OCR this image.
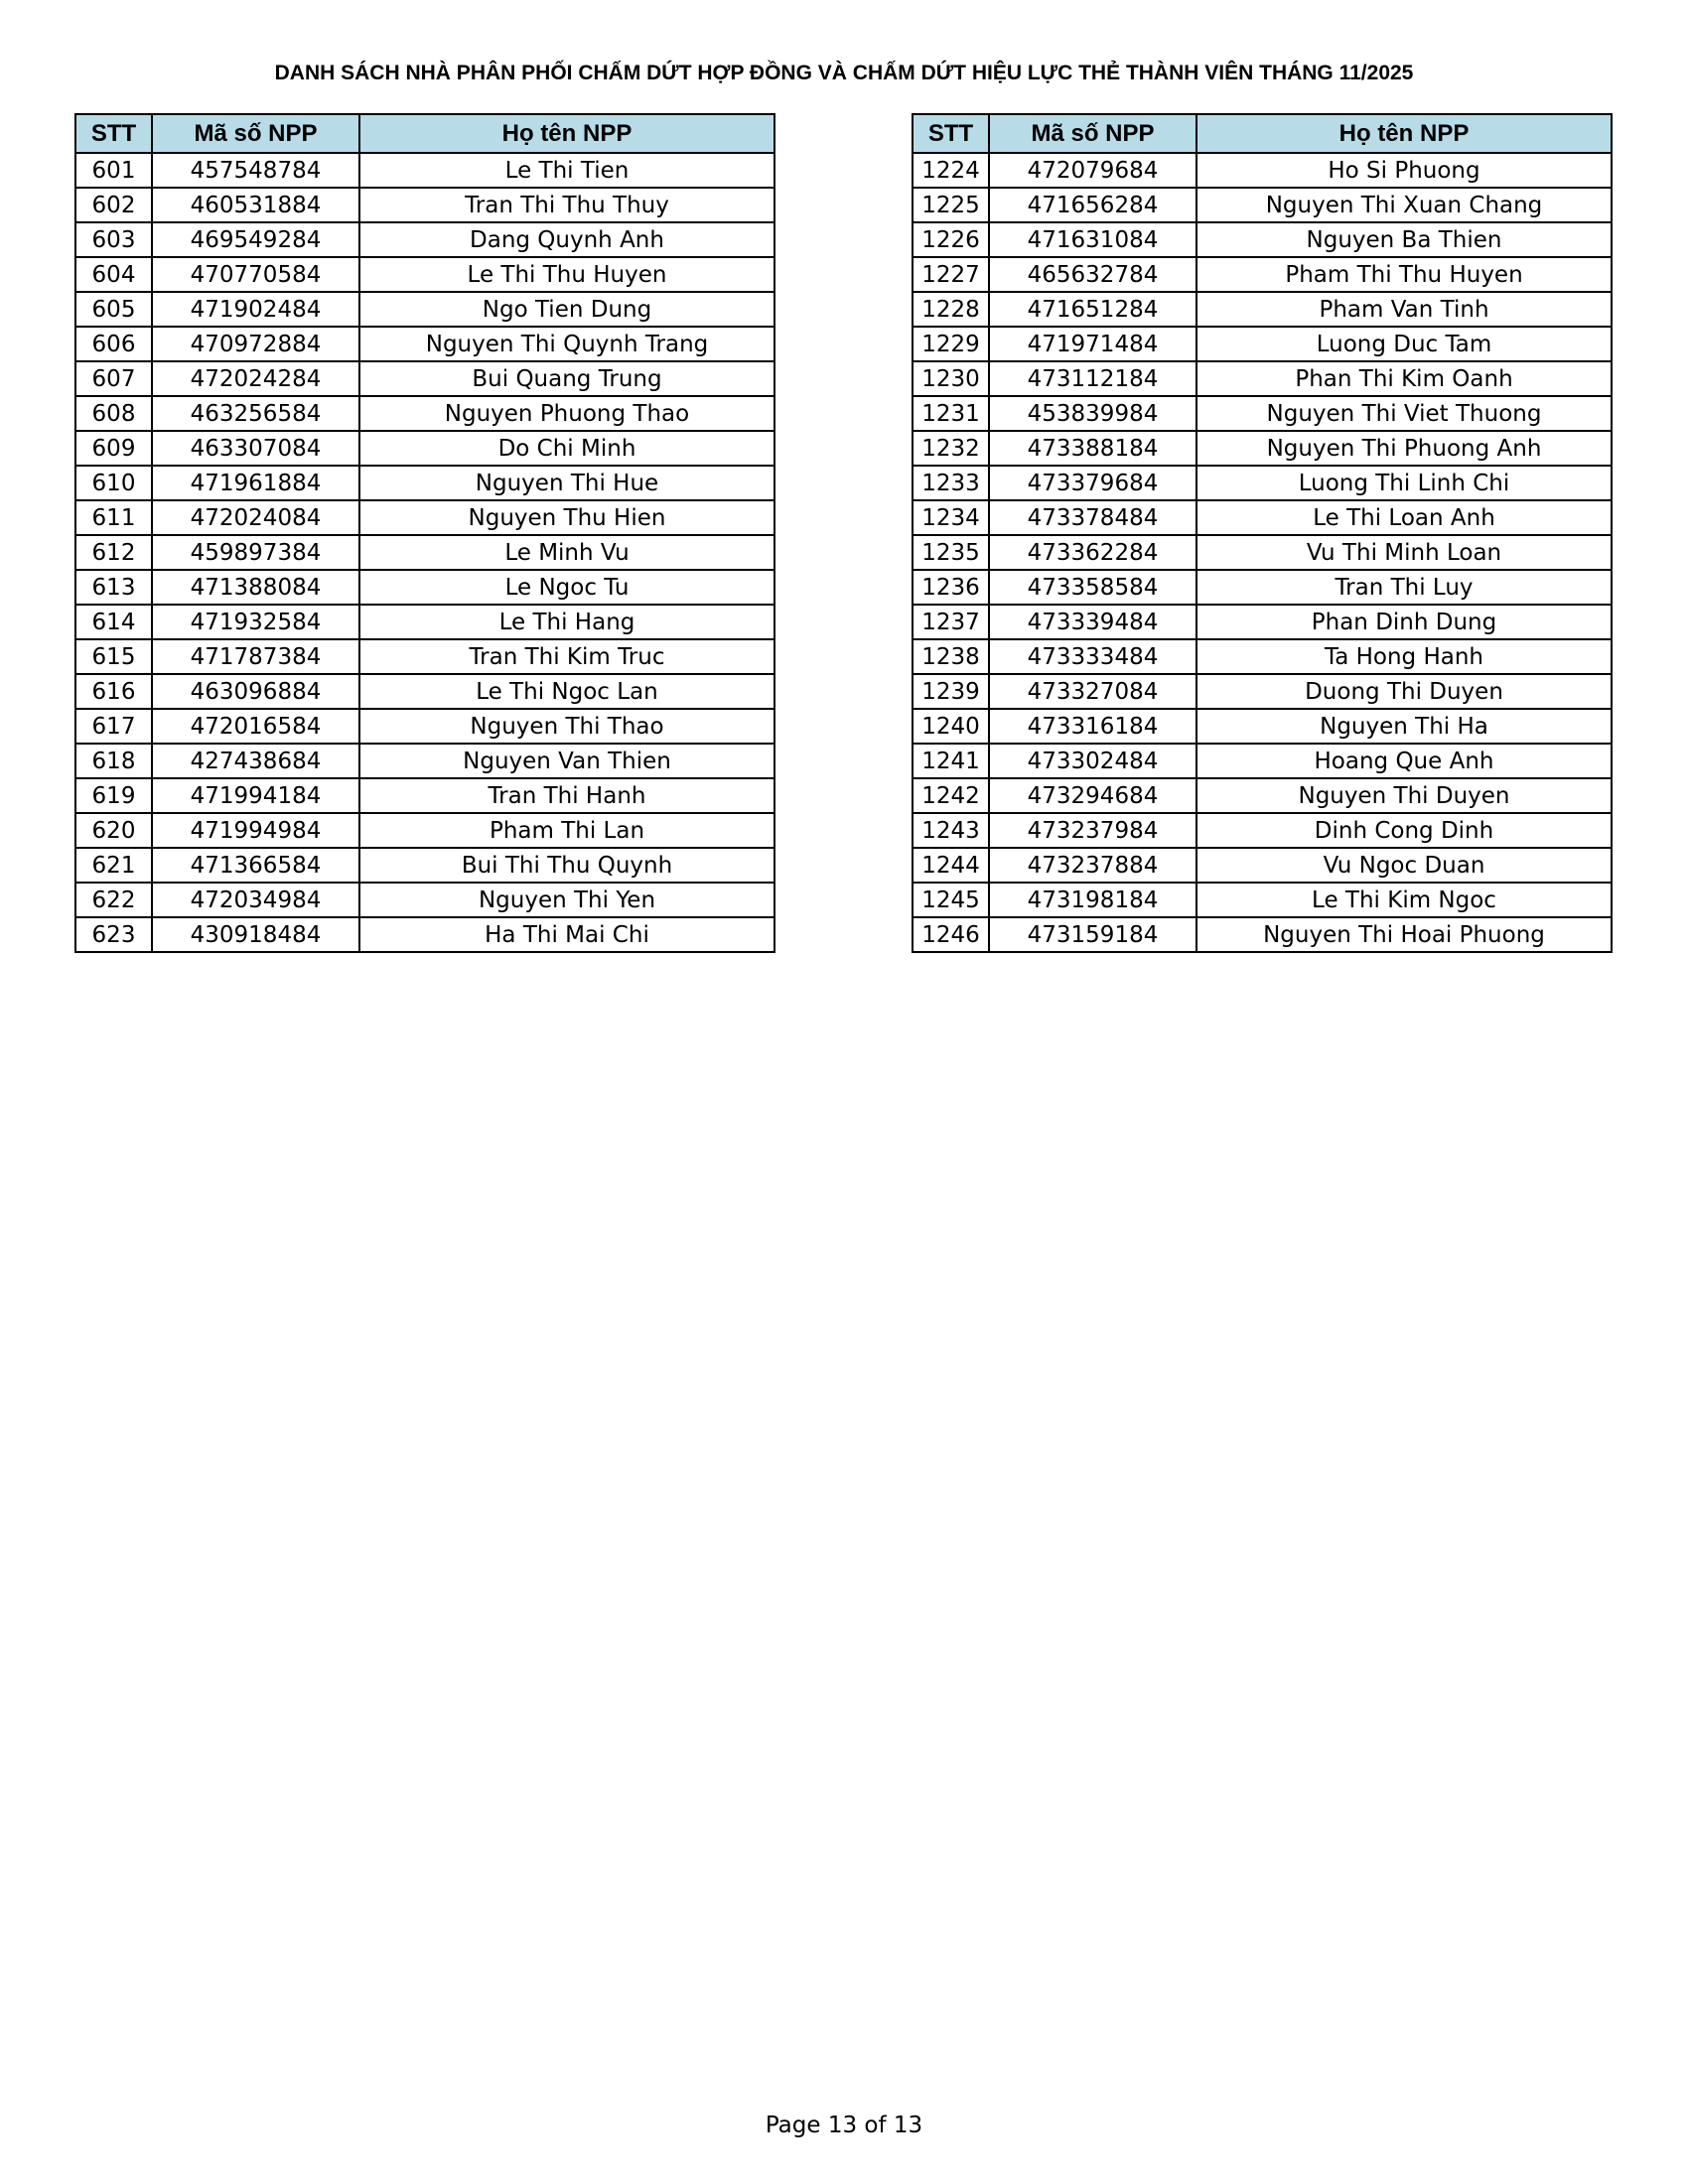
DANH SÁCH NHÀ PHÂN PHỐI CHẤM DỨT HỢP ĐỒNG VÀ CHẤM DỨT HIỆU LỰC THẺ THÀNH VIÊN THÁNG 11/2025
STT	Mã số NPP	Họ tên NPP
601	457548784	Le Thi Tien
602	460531884	Tran Thi Thu Thuy
603	469549284	Dang Quynh Anh
604	470770584	Le Thi Thu Huyen
605	471902484	Ngo Tien Dung
606	470972884	Nguyen Thi Quynh Trang
607	472024284	Bui Quang Trung
608	463256584	Nguyen Phuong Thao
609	463307084	Do Chi Minh
610	471961884	Nguyen Thi Hue
611	472024084	Nguyen Thu Hien
612	459897384	Le Minh Vu
613	471388084	Le Ngoc Tu
614	471932584	Le Thi Hang
615	471787384	Tran Thi Kim Truc
616	463096884	Le Thi Ngoc Lan
617	472016584	Nguyen Thi Thao
618	427438684	Nguyen Van Thien
619	471994184	Tran Thi Hanh
620	471994984	Pham Thi Lan
621	471366584	Bui Thi Thu Quynh
622	472034984	Nguyen Thi Yen
623	430918484	Ha Thi Mai Chi
STT	Mã số NPP	Họ tên NPP
1224	472079684	Ho Si Phuong
1225	471656284	Nguyen Thi Xuan Chang
1226	471631084	Nguyen Ba Thien
1227	465632784	Pham Thi Thu Huyen
1228	471651284	Pham Van Tinh
1229	471971484	Luong Duc Tam
1230	473112184	Phan Thi Kim Oanh
1231	453839984	Nguyen Thi Viet Thuong
1232	473388184	Nguyen Thi Phuong Anh
1233	473379684	Luong Thi Linh Chi
1234	473378484	Le Thi Loan Anh
1235	473362284	Vu Thi Minh Loan
1236	473358584	Tran Thi Luy
1237	473339484	Phan Dinh Dung
1238	473333484	Ta Hong Hanh
1239	473327084	Duong Thi Duyen
1240	473316184	Nguyen Thi Ha
1241	473302484	Hoang Que Anh
1242	473294684	Nguyen Thi Duyen
1243	473237984	Dinh Cong Dinh
1244	473237884	Vu Ngoc Duan
1245	473198184	Le Thi Kim Ngoc
1246	473159184	Nguyen Thi Hoai Phuong
Page 13 of 13
